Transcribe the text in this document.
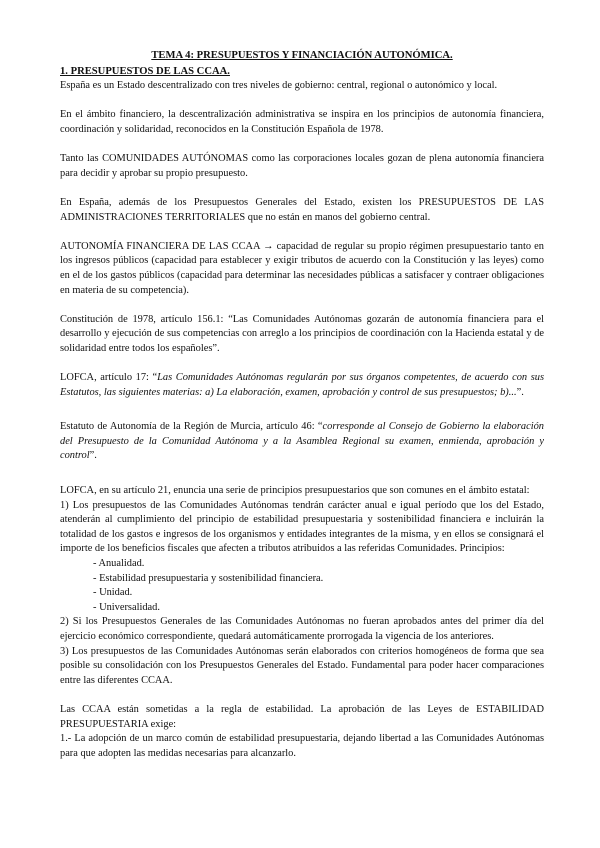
TEMA 4: PRESUPUESTOS Y FINANCIACIÓN AUTONÓMICA.

1. PRESUPUESTOS DE LAS CCAA.

España es un Estado descentralizado con tres niveles de gobierno: central, regional o autonómico y local.

En el ámbito financiero, la descentralización administrativa se inspira en los principios de autonomía financiera, coordinación y solidaridad, reconocidos en la Constitución Española de 1978.

Tanto las COMUNIDADES AUTÓNOMAS como las corporaciones locales gozan de plena autonomía financiera para decidir y aprobar su propio presupuesto.

En España, además de los Presupuestos Generales del Estado, existen los PRESUPUESTOS DE LAS ADMINISTRACIONES TERRITORIALES que no están en manos del gobierno central.

AUTONOMÍA FINANCIERA DE LAS CCAA → capacidad de regular su propio régimen presupuestario tanto en los ingresos públicos (capacidad para establecer y exigir tributos de acuerdo con la Constitución y las leyes) como en el de los gastos públicos (capacidad para determinar las necesidades públicas a satisfacer y contraer obligaciones en materia de su competencia).

Constitución de 1978, artículo 156.1: “Las Comunidades Autónomas gozarán de autonomía financiera para el desarrollo y ejecución de sus competencias con arreglo a los principios de coordinación con la Hacienda estatal y de solidaridad entre todos los españoles”.

LOFCA, artículo 17: “Las Comunidades Autónomas regularán por sus órganos competentes, de acuerdo con sus Estatutos, las siguientes materias: a) La elaboración, examen, aprobación y control de sus presupuestos; b)...”.

Estatuto de Autonomía de la Región de Murcia, artículo 46: “corresponde al Consejo de Gobierno la elaboración del Presupuesto de la Comunidad Autónoma y a la Asamblea Regional su examen, enmienda, aprobación y control”.

LOFCA, en su artículo 21, enuncia una serie de principios presupuestarios que son comunes en el ámbito estatal:

1) Los presupuestos de las Comunidades Autónomas tendrán carácter anual e igual período que los del Estado, atenderán al cumplimiento del principio de estabilidad presupuestaria y sostenibilidad financiera e incluirán la totalidad de los gastos e ingresos de los organismos y entidades integrantes de la misma, y en ellos se consignará el importe de los beneficios fiscales que afecten a tributos atribuidos a las referidas Comunidades. Principios:

- Anualidad.
- Estabilidad presupuestaria y sostenibilidad financiera.
- Unidad.
- Universalidad.

2) Si los Presupuestos Generales de las Comunidades Autónomas no fueran aprobados antes del primer día del ejercicio económico correspondiente, quedará automáticamente prorrogada la vigencia de los anteriores.

3) Los presupuestos de las Comunidades Autónomas serán elaborados con criterios homogéneos de forma que sea posible su consolidación con los Presupuestos Generales del Estado. Fundamental para poder hacer comparaciones entre las diferentes CCAA.

Las CCAA están sometidas a la regla de estabilidad. La aprobación de las Leyes de ESTABILIDAD PRESUPUESTARIA exige:

1.- La adopción de un marco común de estabilidad presupuestaria, dejando libertad a las Comunidades Autónomas para que adopten las medidas necesarias para alcanzarlo.
